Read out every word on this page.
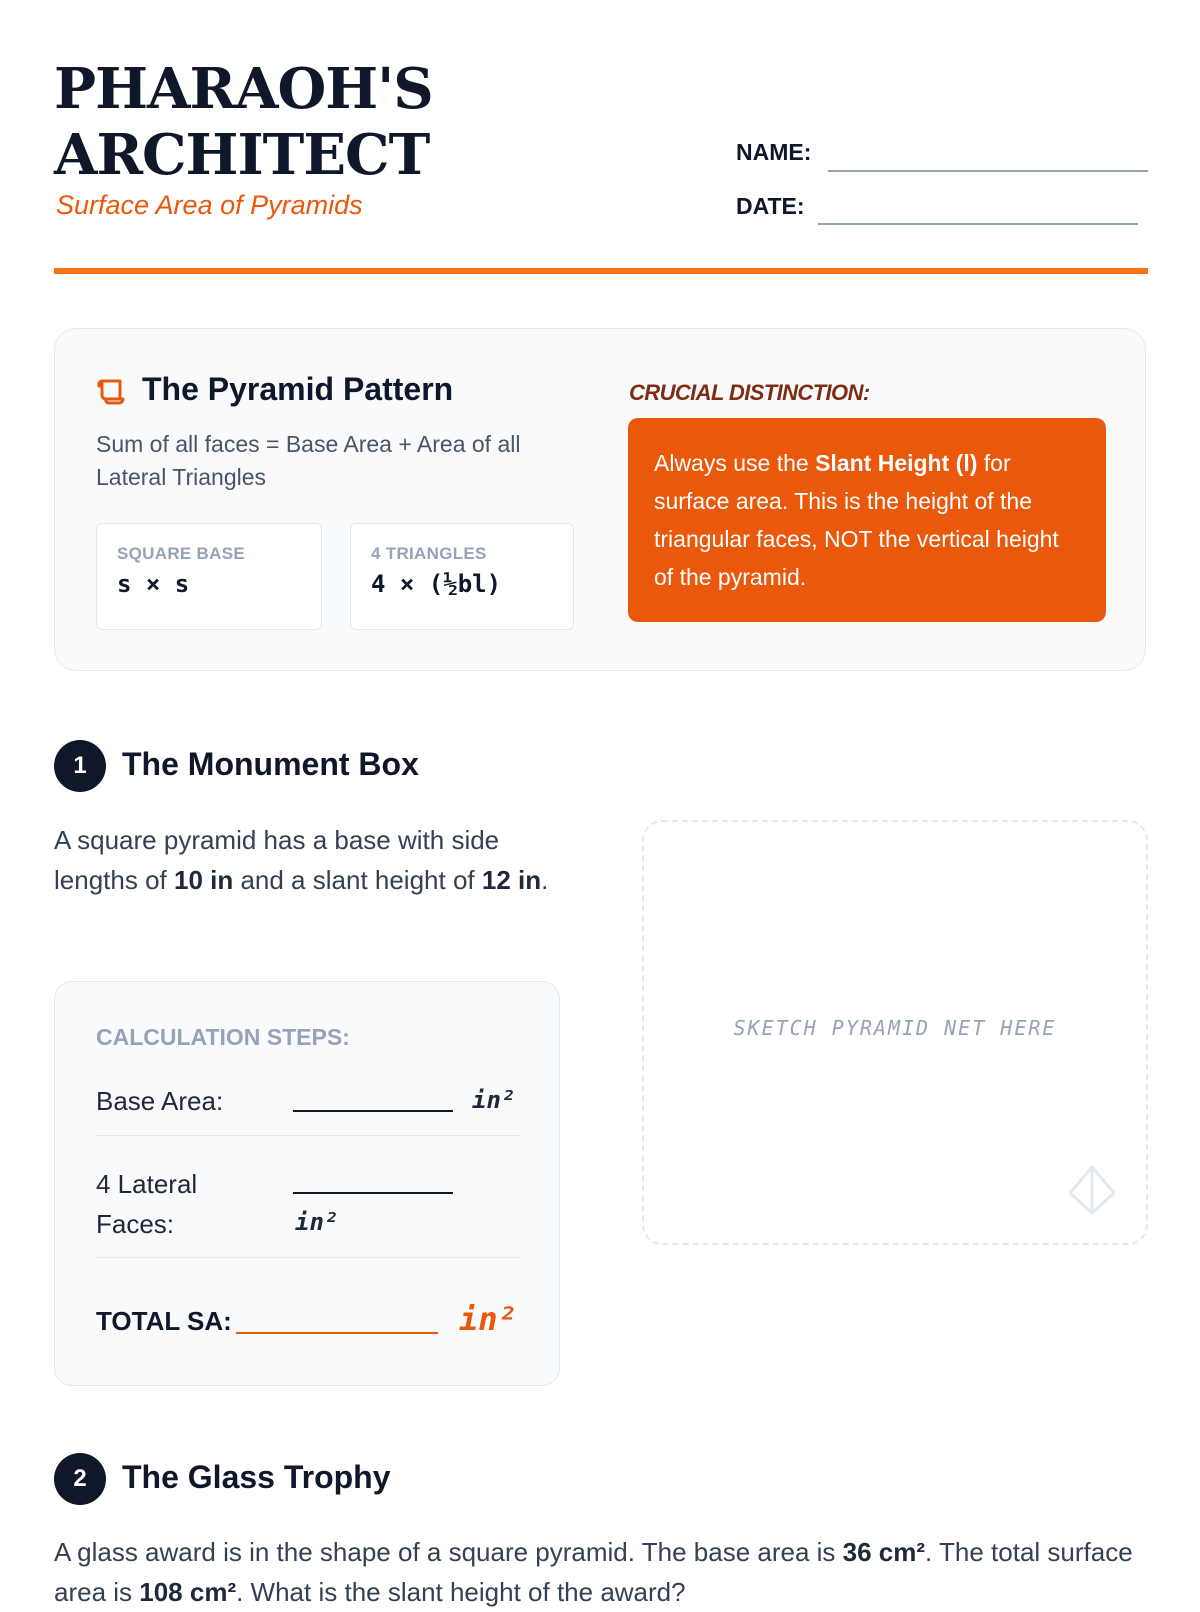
PHARAOH'S
ARCHITECT
Surface Area of Pyramids
NAME:
DATE:
The Pyramid Pattern
Sum of all faces = Base Area + Area of all Lateral Triangles
SQUARE BASE
s × s
4 TRIANGLES
4 × (½bl)
CRUCIAL DISTINCTION:
Always use the Slant Height (l) for surface area. This is the height of the triangular faces, NOT the vertical height of the pyramid.
1	The Monument Box
A square pyramid has a base with side lengths of 10 in and a slant height of 12 in.
CALCULATION STEPS:
Base Area:	in²
4 Lateral Faces:	in²
TOTAL SA:	in²
SKETCH PYRAMID NET HERE
2	The Glass Trophy
A glass award is in the shape of a square pyramid. The base area is 36 cm². The total surface area is 108 cm². What is the slant height of the award?
